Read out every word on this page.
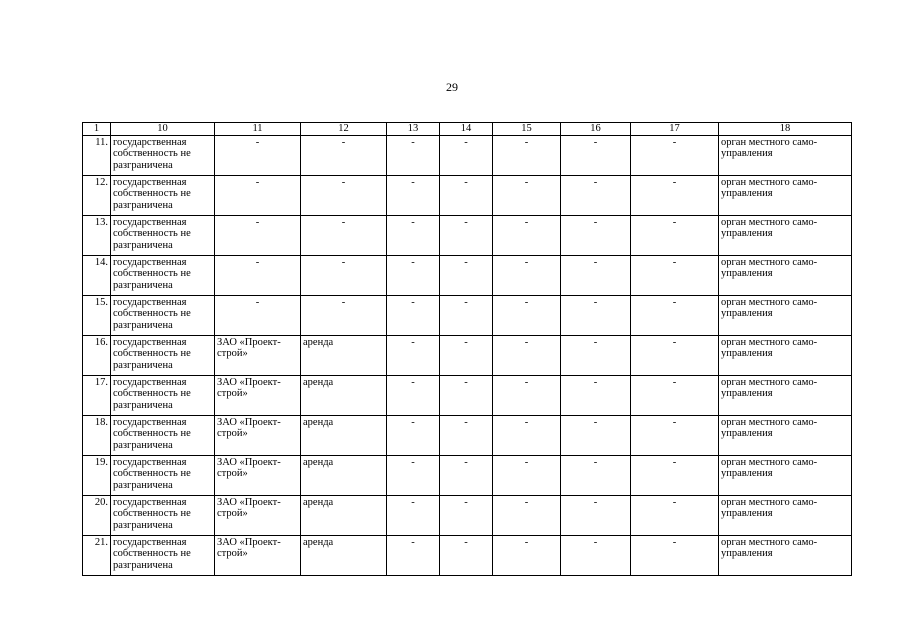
29
1	10	11	12	13	14	15	16	17	18
11.	государственная собственность не разграничена	-	-	-	-	-	-	-	орган местного само-управления
12.	государственная собственность не разграничена	-	-	-	-	-	-	-	орган местного само-управления
13.	государственная собственность не разграничена	-	-	-	-	-	-	-	орган местного само-управления
14.	государственная собственность не разграничена	-	-	-	-	-	-	-	орган местного само-управления
15.	государственная собственность не разграничена	-	-	-	-	-	-	-	орган местного само-управления
16.	государственная собственность не разграничена	ЗАО «Проект-строй»	аренда	-	-	-	-	-	орган местного само-управления
17.	государственная собственность не разграничена	ЗАО «Проект-строй»	аренда	-	-	-	-	-	орган местного само-управления
18.	государственная собственность не разграничена	ЗАО «Проект-строй»	аренда	-	-	-	-	-	орган местного само-управления
19.	государственная собственность не разграничена	ЗАО «Проект-строй»	аренда	-	-	-	-	-	орган местного само-управления
20.	государственная собственность не разграничена	ЗАО «Проект-строй»	аренда	-	-	-	-	-	орган местного само-управления
21.	государственная собственность не разграничена	ЗАО «Проект-строй»	аренда	-	-	-	-	-	орган местного само-управления
